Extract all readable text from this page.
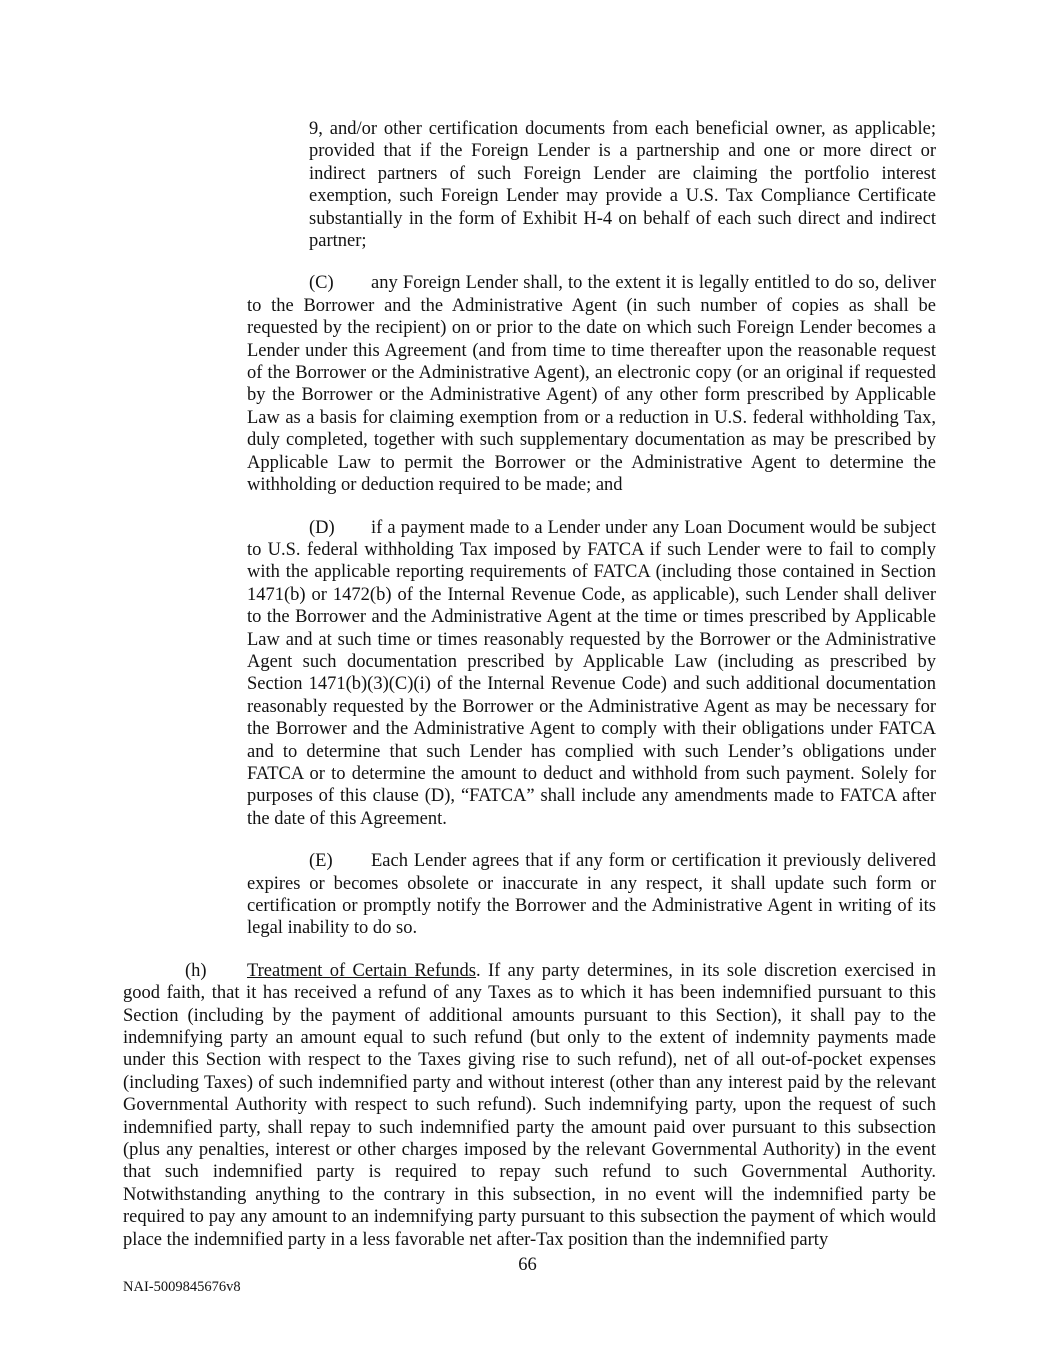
9, and/or other certification documents from each beneficial owner, as applicable; provided that if the Foreign Lender is a partnership and one or more direct or indirect partners of such Foreign Lender are claiming the portfolio interest exemption, such Foreign Lender may provide a U.S. Tax Compliance Certificate substantially in the form of Exhibit H-4 on behalf of each such direct and indirect partner;

(C) any Foreign Lender shall, to the extent it is legally entitled to do so, deliver to the Borrower and the Administrative Agent (in such number of copies as shall be requested by the recipient) on or prior to the date on which such Foreign Lender becomes a Lender under this Agreement (and from time to time thereafter upon the reasonable request of the Borrower or the Administrative Agent), an electronic copy (or an original if requested by the Borrower or the Administrative Agent) of any other form prescribed by Applicable Law as a basis for claiming exemption from or a reduction in U.S. federal withholding Tax, duly completed, together with such supplementary documentation as may be prescribed by Applicable Law to permit the Borrower or the Administrative Agent to determine the withholding or deduction required to be made; and

(D) if a payment made to a Lender under any Loan Document would be subject to U.S. federal withholding Tax imposed by FATCA if such Lender were to fail to comply with the applicable reporting requirements of FATCA (including those contained in Section 1471(b) or 1472(b) of the Internal Revenue Code, as applicable), such Lender shall deliver to the Borrower and the Administrative Agent at the time or times prescribed by Applicable Law and at such time or times reasonably requested by the Borrower or the Administrative Agent such documentation prescribed by Applicable Law (including as prescribed by Section 1471(b)(3)(C)(i) of the Internal Revenue Code) and such additional documentation reasonably requested by the Borrower or the Administrative Agent as may be necessary for the Borrower and the Administrative Agent to comply with their obligations under FATCA and to determine that such Lender has complied with such Lender’s obligations under FATCA or to determine the amount to deduct and withhold from such payment. Solely for purposes of this clause (D), “FATCA” shall include any amendments made to FATCA after the date of this Agreement.

(E) Each Lender agrees that if any form or certification it previously delivered expires or becomes obsolete or inaccurate in any respect, it shall update such form or certification or promptly notify the Borrower and the Administrative Agent in writing of its legal inability to do so.

(h) Treatment of Certain Refunds. If any party determines, in its sole discretion exercised in good faith, that it has received a refund of any Taxes as to which it has been indemnified pursuant to this Section (including by the payment of additional amounts pursuant to this Section), it shall pay to the indemnifying party an amount equal to such refund (but only to the extent of indemnity payments made under this Section with respect to the Taxes giving rise to such refund), net of all out-of-pocket expenses (including Taxes) of such indemnified party and without interest (other than any interest paid by the relevant Governmental Authority with respect to such refund). Such indemnifying party, upon the request of such indemnified party, shall repay to such indemnified party the amount paid over pursuant to this subsection (plus any penalties, interest or other charges imposed by the relevant Governmental Authority) in the event that such indemnified party is required to repay such refund to such Governmental Authority. Notwithstanding anything to the contrary in this subsection, in no event will the indemnified party be required to pay any amount to an indemnifying party pursuant to this subsection the payment of which would place the indemnified party in a less favorable net after-Tax position than the indemnified party

66
NAI-5009845676v8
